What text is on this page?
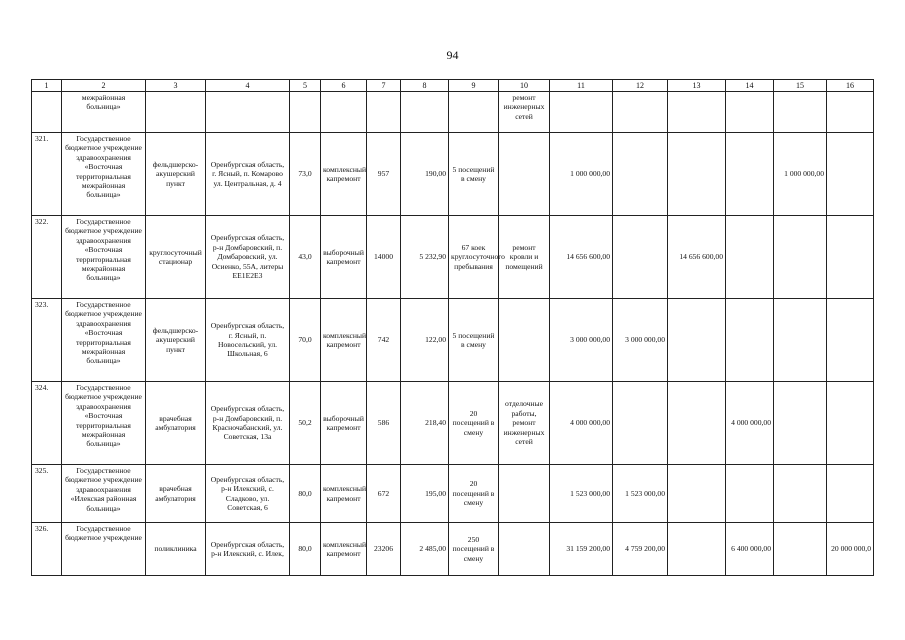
94
1	2	3	4	5	6	7	8	9	10	11	12	13	14	15	16
	межрайонная больница»								ремонт инженерных сетей						
321.	Государственное бюджетное учреждение здравоохранения «Восточная территориальная межрайонная больница»	фельдшерско-акушерский пункт	Оренбургская область, г. Ясный, п. Комарово ул. Центральная, д. 4	73,0	комплексный капремонт	957	190,00	5 посещений в смену		1 000 000,00				1 000 000,00	
322.	Государственное бюджетное учреждение здравоохранения «Восточная территориальная межрайонная больница»	круглосуточный стационар	Оренбургская область, р-н Домбаровский, п. Домбаровский, ул. Осиенко, 55А, литеры ЕЕ1Е2Е3	43,0	выборочный капремонт	14000	5 232,90	67 коек круглосуточного пребывания	ремонт кровли и помещений	14 656 600,00		14 656 600,00			
323.	Государственное бюджетное учреждение здравоохранения «Восточная территориальная межрайонная больница»	фельдшерско-акушерский пункт	Оренбургская область, г. Ясный, п. Новосельский, ул. Школьная, 6	70,0	комплексный капремонт	742	122,00	5 посещений в смену		3 000 000,00	3 000 000,00				
324.	Государственное бюджетное учреждение здравоохранения «Восточная территориальная межрайонная больница»	врачебная амбулатория	Оренбургская область, р-н Домбаровский, п. Красночабанский, ул. Советская, 13а	50,2	выборочный капремонт	586	218,40	20 посещений в смену	отделочные работы, ремонт инженерных сетей	4 000 000,00			4 000 000,00		
325.	Государственное бюджетное учреждение здравоохранения «Илекская районная больница»	врачебная амбулатория	Оренбургская область, р-н Илекский, с. Сладково, ул. Советская, 6	80,0	комплексный капремонт	672	195,00	20 посещений в смену		1 523 000,00	1 523 000,00				
326.	Государственное бюджетное учреждение	поликлиника	Оренбургская область, р-н Илекский, с. Илек,	80,0	комплексный капремонт	23206	2 485,00	250 посещений в смену		31 159 200,00	4 759 200,00		6 400 000,00		20 000 000,0
